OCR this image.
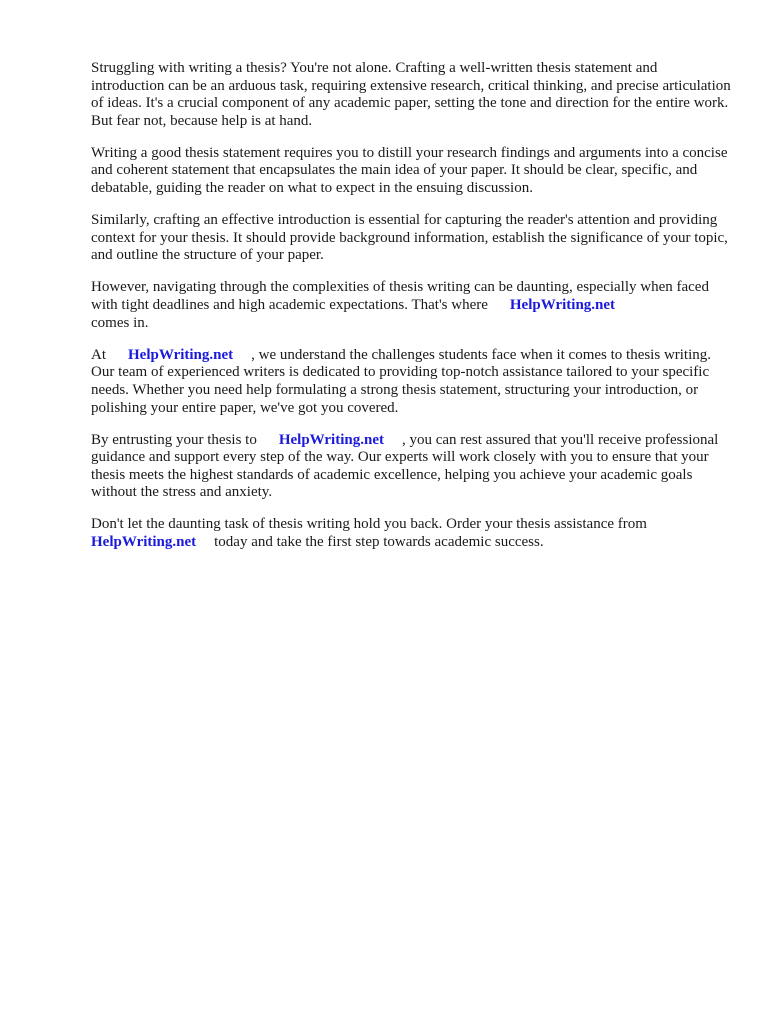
Struggling with writing a thesis? You're not alone. Crafting a well-written thesis statement and introduction can be an arduous task, requiring extensive research, critical thinking, and precise articulation of ideas. It's a crucial component of any academic paper, setting the tone and direction for the entire work. But fear not, because help is at hand.

Writing a good thesis statement requires you to distill your research findings and arguments into a concise and coherent statement that encapsulates the main idea of your paper. It should be clear, specific, and debatable, guiding the reader on what to expect in the ensuing discussion.

Similarly, crafting an effective introduction is essential for capturing the reader's attention and providing context for your thesis. It should provide background information, establish the significance of your topic, and outline the structure of your paper.

However, navigating through the complexities of thesis writing can be daunting, especially when faced with tight deadlines and high academic expectations. That's where HelpWriting.net
comes in.

At HelpWriting.net , we understand the challenges students face when it comes to thesis writing. Our team of experienced writers is dedicated to providing top-notch assistance tailored to your specific needs. Whether you need help formulating a strong thesis statement, structuring your introduction, or polishing your entire paper, we've got you covered.

By entrusting your thesis to HelpWriting.net , you can rest assured that you'll receive professional guidance and support every step of the way. Our experts will work closely with you to ensure that your thesis meets the highest standards of academic excellence, helping you achieve your academic goals without the stress and anxiety.

Don't let the daunting task of thesis writing hold you back. Order your thesis assistance from
HelpWriting.net today and take the first step towards academic success.
